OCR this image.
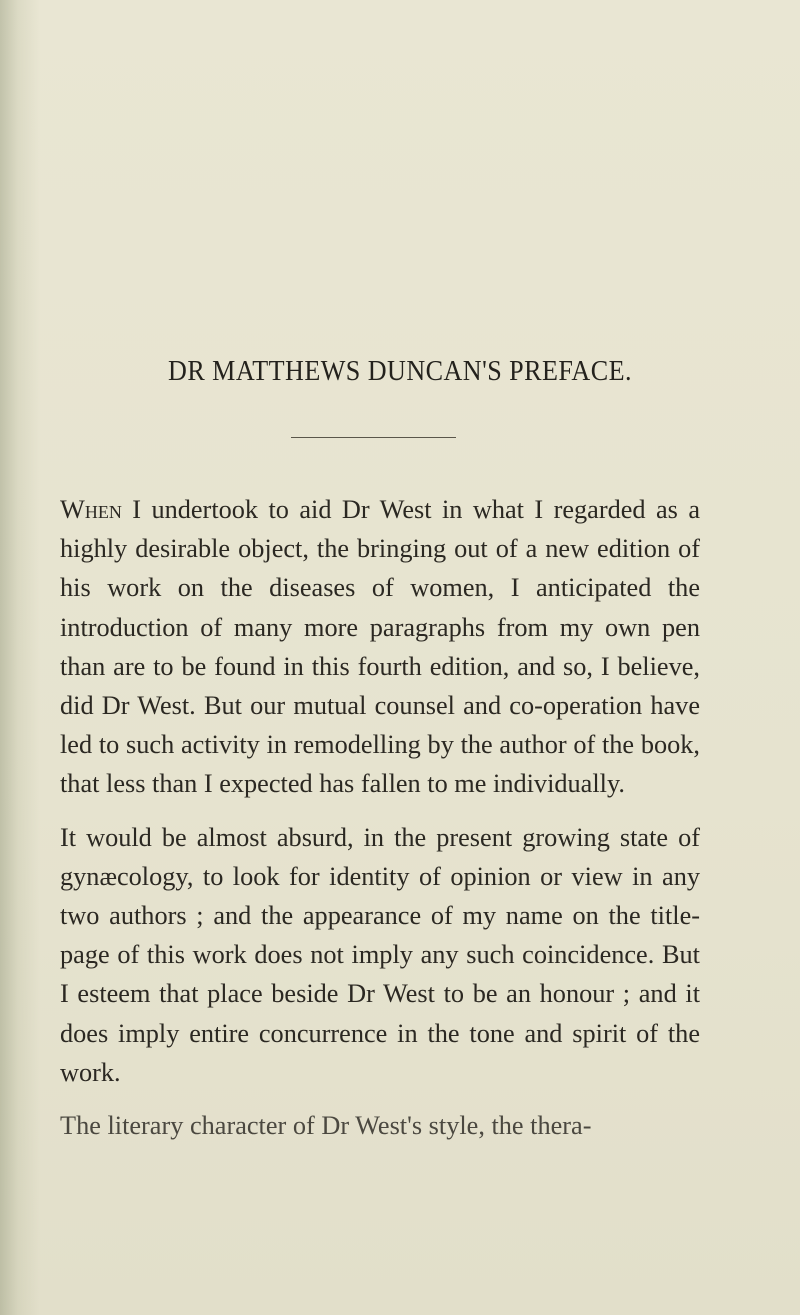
DR MATTHEWS DUNCAN'S PREFACE.

When I undertook to aid Dr West in what I regarded as a highly desirable object, the bringing out of a new edition of his work on the diseases of women, I anticipated the introduction of many more paragraphs from my own pen than are to be found in this fourth edition, and so, I believe, did Dr West. But our mutual counsel and co-operation have led to such activity in remodelling by the author of the book, that less than I expected has fallen to me individually.

It would be almost absurd, in the present growing state of gynæcology, to look for identity of opinion or view in any two authors ; and the appearance of my name on the title-page of this work does not imply any such coincidence. But I esteem that place beside Dr West to be an honour ; and it does imply entire concurrence in the tone and spirit of the work.

The literary character of Dr West's style, the thera-
